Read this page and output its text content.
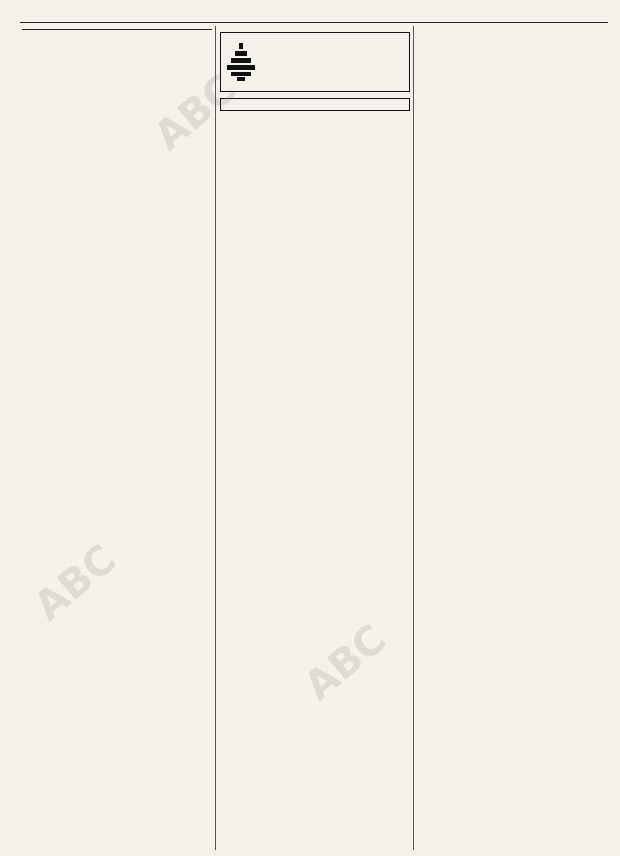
ABC
ABC
ABC
